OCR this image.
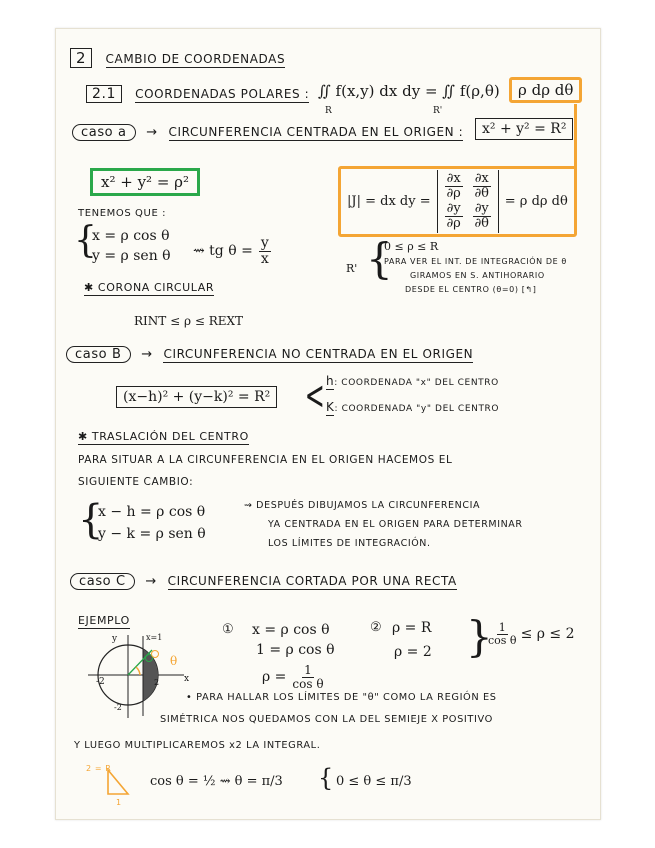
2 CAMBIO DE COORDENADAS
2.1 COORDENADAS POLARES : ∬ f(x,y) dx dy = ∬ f(ρ,θ)
R	R'
ρ dρ dθ
caso a → CIRCUNFERENCIA CENTRADA EN EL ORIGEN :	x² + y² = R²
x² + y² = ρ²
|J| = dx dy =
$\frac{\partial x}{\partial\rho} \frac{\partial x}{\partial\theta}$
$\frac{\partial y}{\partial\rho} \frac{\partial y}{\partial\theta}$
= ρ dρ dθ
TENEMOS QUE :
{
x = ρ cos θ
y = ρ sen θ ⇝ tg $\theta = \frac{y}{x}$
R' {
0 ≤ ρ ≤ R
PARA VER EL INT. DE INTEGRACIÓN DE θ
GIRAMOS EN S. ANTIHORARIO
DESDE EL CENTRO (θ=0) [↰]
✱ CORONA CIRCULAR
RINT ≤ ρ ≤ REXT
caso B → CIRCUNFERENCIA NO CENTRADA EN EL ORIGEN
(x−h)² + (y−k)² = R² < h: COORDENADA "x" DEL CENTRO
K: COORDENADA "y" DEL CENTRO
✱ TRASLACIÓN DEL CENTRO
PARA SITUAR A LA CIRCUNFERENCIA EN EL ORIGEN HACEMOS EL
SIGUIENTE CAMBIO:
{
x − h = ρ cos θ
y − k = ρ sen θ
⇝ DESPUÉS DIBUJAMOS LA CIRCUNFERENCIA
YA CENTRADA EN EL ORIGEN PARA DETERMINAR
LOS LÍMITES DE INTEGRACIÓN.
caso C → CIRCUNFERENCIA CORTADA POR UNA RECTA
EJEMPLO
y	x=1
θ
x
-2	2
-2
① x = ρ cos θ
1 = ρ cos θ
$\rho = \frac{1}{\text{cos θ}}$
② ρ = R
ρ = 2 }
$\frac{1}{\text{cos θ}} \le \rho \le 2$
• PARA HALLAR LOS LÍMITES DE "θ" COMO LA REGIÓN ES
SIMÉTRICA NOS QUEDAMOS CON LA DEL SEMIEJE X POSITIVO
Y LUEGO MULTIPLICAREMOS x2 LA INTEGRAL.
2 = R
1
cos θ = ½ ⇝ θ = π/3 { 0 ≤ θ ≤ π/3
